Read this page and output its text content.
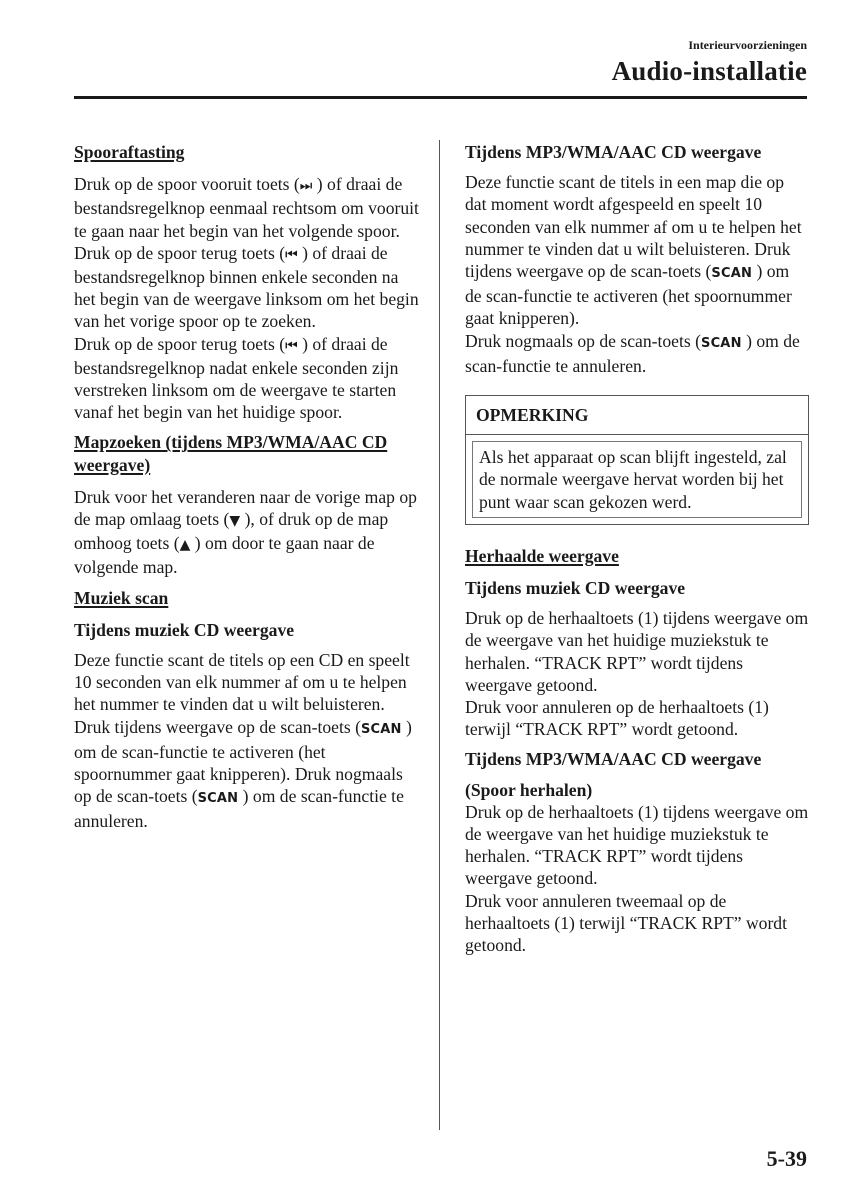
Interieurvoorzieningen
Audio-installatie

Spooraftasting

Druk op de spoor vooruit toets (⏭ ) of draai de bestandsregelknop eenmaal rechtsom om vooruit te gaan naar het begin van het volgende spoor.

Druk op de spoor terug toets (⏮ ) of draai de bestandsregelknop binnen enkele seconden na het begin van de weergave linksom om het begin van het vorige spoor op te zoeken.

Druk op de spoor terug toets (⏮ ) of draai de bestandsregelknop nadat enkele seconden zijn verstreken linksom om de weergave te starten vanaf het begin van het huidige spoor.

Mapzoeken (tijdens MP3/WMA/AAC CD weergave)

Druk voor het veranderen naar de vorige map op de map omlaag toets (▼ ), of druk op de map omhoog toets (▲ ) om door te gaan naar de volgende map.

Muziek scan

Tijdens muziek CD weergave

Deze functie scant de titels op een CD en speelt 10 seconden van elk nummer af om u te helpen het nummer te vinden dat u wilt beluisteren.

Druk tijdens weergave op de scan-toets (SCAN ) om de scan-functie te activeren (het spoornummer gaat knipperen). Druk nogmaals op de scan-toets (SCAN ) om de scan-functie te annuleren.

Tijdens MP3/WMA/AAC CD weergave

Deze functie scant de titels in een map die op dat moment wordt afgespeeld en speelt 10 seconden van elk nummer af om u te helpen het nummer te vinden dat u wilt beluisteren. Druk tijdens weergave op de scan-toets (SCAN ) om de scan-functie te activeren (het spoornummer gaat knipperen).

Druk nogmaals op de scan-toets (SCAN ) om de scan-functie te annuleren.

OPMERKING
Als het apparaat op scan blijft ingesteld, zal de normale weergave hervat worden bij het punt waar scan gekozen werd.

Herhaalde weergave

Tijdens muziek CD weergave

Druk op de herhaaltoets (1) tijdens weergave om de weergave van het huidige muziekstuk te herhalen. “TRACK RPT” wordt tijdens weergave getoond.

Druk voor annuleren op de herhaaltoets (1) terwijl “TRACK RPT” wordt getoond.

Tijdens MP3/WMA/AAC CD weergave

(Spoor herhalen)

Druk op de herhaaltoets (1) tijdens weergave om de weergave van het huidige muziekstuk te herhalen. “TRACK RPT” wordt tijdens weergave getoond.

Druk voor annuleren tweemaal op de herhaaltoets (1) terwijl “TRACK RPT” wordt getoond.

5-39
